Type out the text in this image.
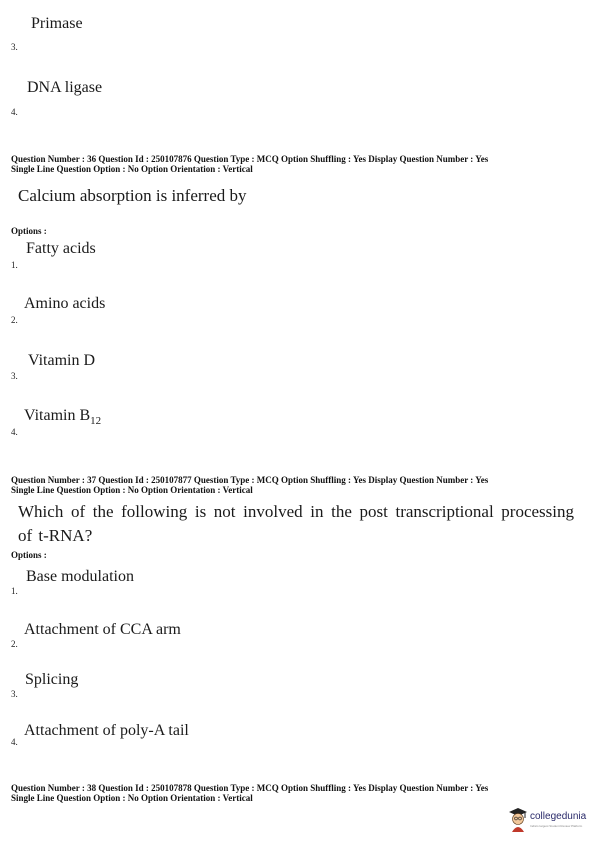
Primase
3.
DNA ligase
4.
Question Number : 36 Question Id : 250107876 Question Type : MCQ Option Shuffling : Yes Display Question Number : Yes
Single Line Question Option : No Option Orientation : Vertical
Calcium absorption is inferred by
Options :
Fatty acids
1.
Amino acids
2.
Vitamin D
3.
Vitamin $B_{12}$
4.
Question Number : 37 Question Id : 250107877 Question Type : MCQ Option Shuffling : Yes Display Question Number : Yes
Single Line Question Option : No Option Orientation : Vertical
Which of the following is not involved in the post transcriptional processing of t-RNA?
Options :
Base modulation
1.
Attachment of CCA arm
2.
Splicing
3.
Attachment of poly-A tail
4.
Question Number : 38 Question Id : 250107878 Question Type : MCQ Option Shuffling : Yes Display Question Number : Yes
Single Line Question Option : No Option Orientation : Vertical
collegedunia
India's largest Student Review Platform
